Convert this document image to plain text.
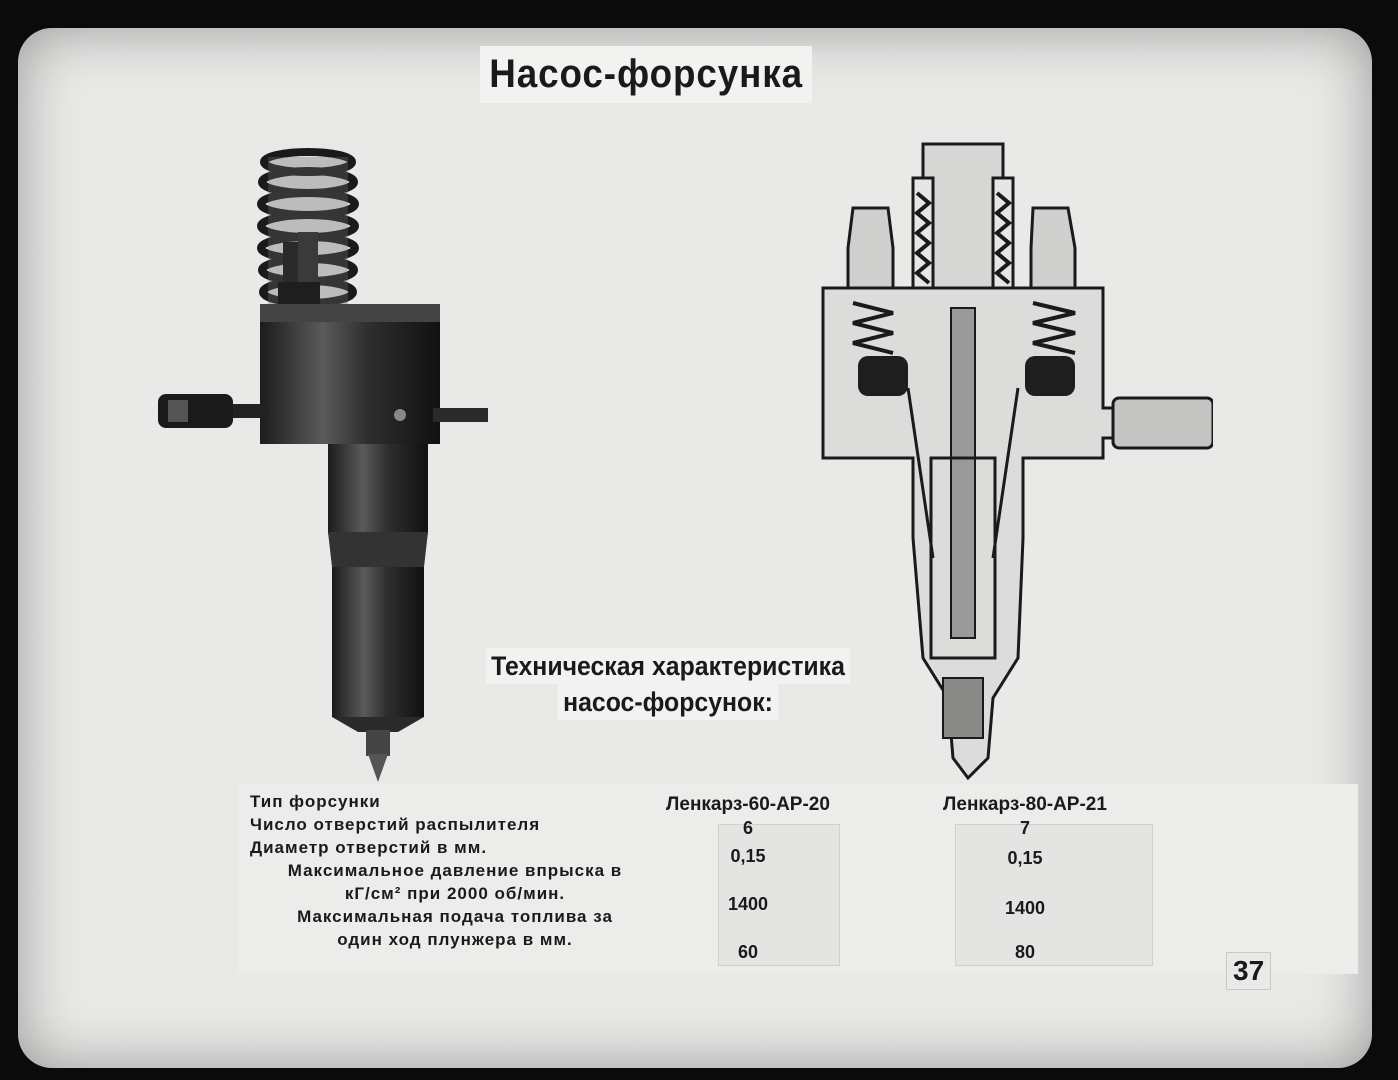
Насос-форсунка
Техническая характеристика
насос-форсунок:
Тип форсунки
Число отверстий распылителя
Диаметр отверстий в мм.
Максимальное давление впрыска в
кГ/см² при 2000 об/мин.
Максимальная подача топлива за
один ход плунжера в мм.
Ленкарз-60-АР-20
6
0,15
1400
60
Ленкарз-80-АР-21
7
0,15
1400
80
37
